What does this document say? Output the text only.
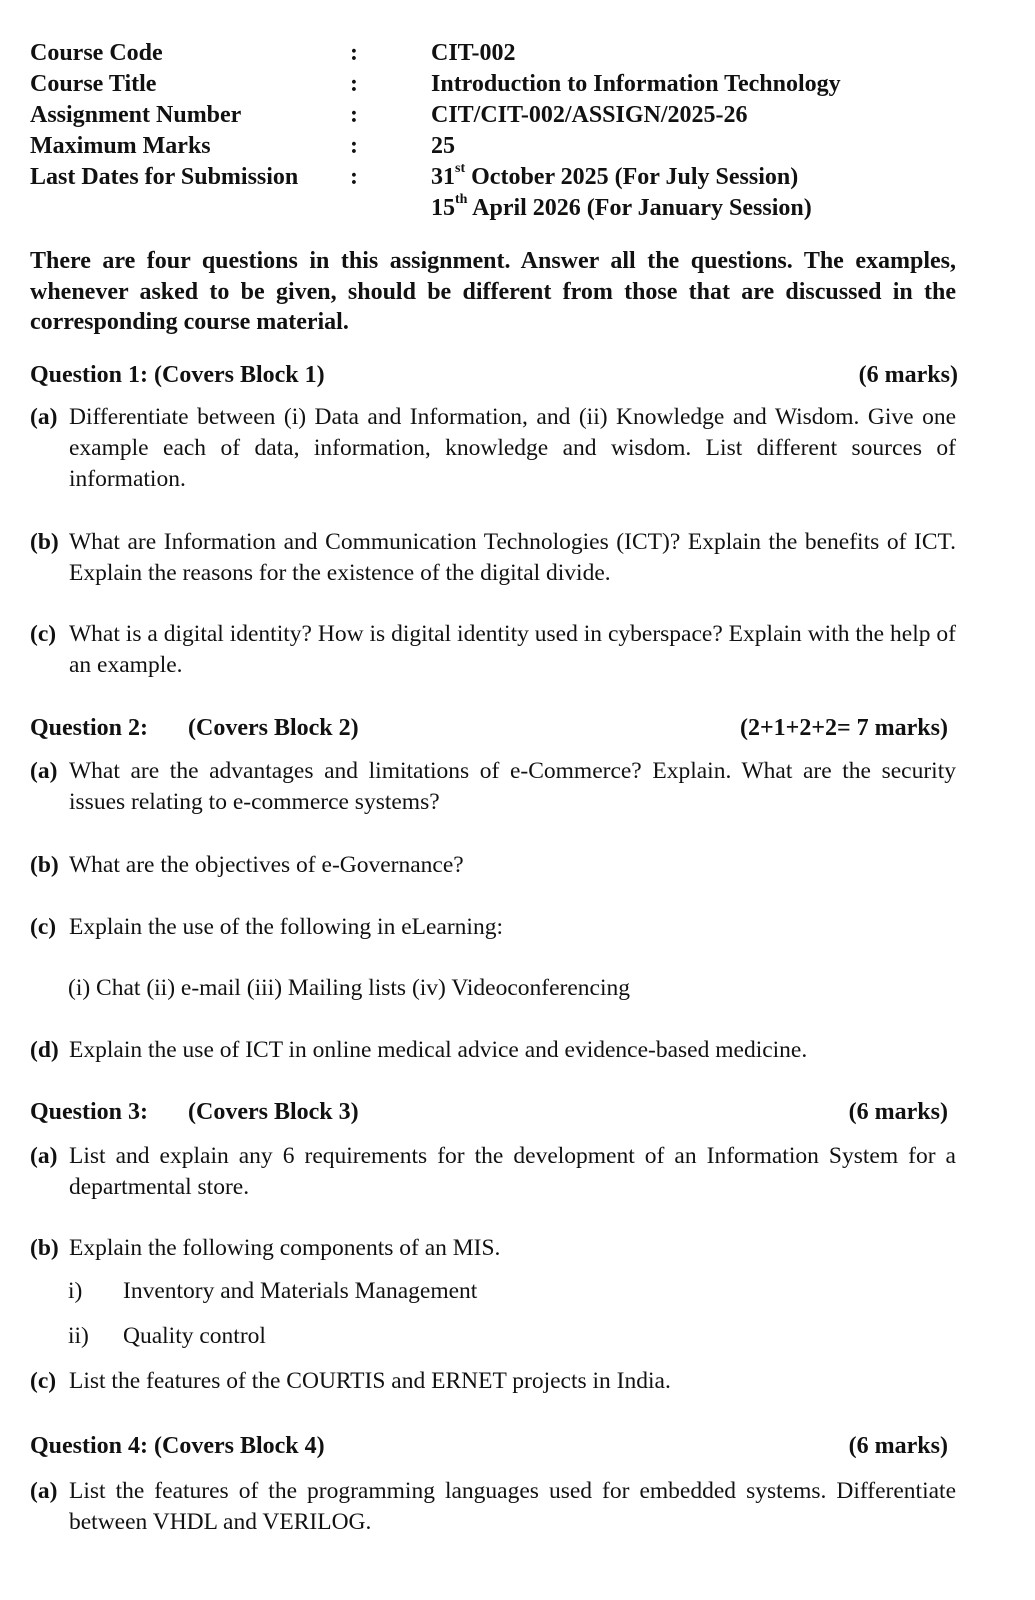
Course Code	:	CIT-002
Course Title	:	Introduction to Information Technology
Assignment Number	:	CIT/CIT-002/ASSIGN/2025-26
Maximum Marks	:	25
Last Dates for Submission :	31st October 2025 (For July Session)
15th April 2026 (For January Session)
There are four questions in this assignment. Answer all the questions. The examples, whenever asked to be given, should be different from those that are discussed in the corresponding course material.
Question 1: (Covers Block 1)	(6 marks)
(a) Differentiate between (i) Data and Information, and (ii) Knowledge and Wisdom. Give one example each of data, information, knowledge and wisdom. List different sources of information.
(b) What are Information and Communication Technologies (ICT)? Explain the benefits of ICT. Explain the reasons for the existence of the digital divide.
(c) What is a digital identity? How is digital identity used in cyberspace? Explain with the help of an example.
Question 2: (Covers Block 2)	(2+1+2+2= 7 marks)
(a) What are the advantages and limitations of e-Commerce? Explain. What are the security issues relating to e-commerce systems?
(b) What are the objectives of e-Governance?
(c) Explain the use of the following in eLearning:
(i) Chat (ii) e-mail (iii) Mailing lists (iv) Videoconferencing
(d) Explain the use of ICT in online medical advice and evidence-based medicine.
Question 3: (Covers Block 3)	(6 marks)
(a) List and explain any 6 requirements for the development of an Information System for a departmental store.
(b) Explain the following components of an MIS.
i) Inventory and Materials Management
ii) Quality control
(c) List the features of the COURTIS and ERNET projects in India.
Question 4: (Covers Block 4)	(6 marks)
(a) List the features of the programming languages used for embedded systems. Differentiate between VHDL and VERILOG.
